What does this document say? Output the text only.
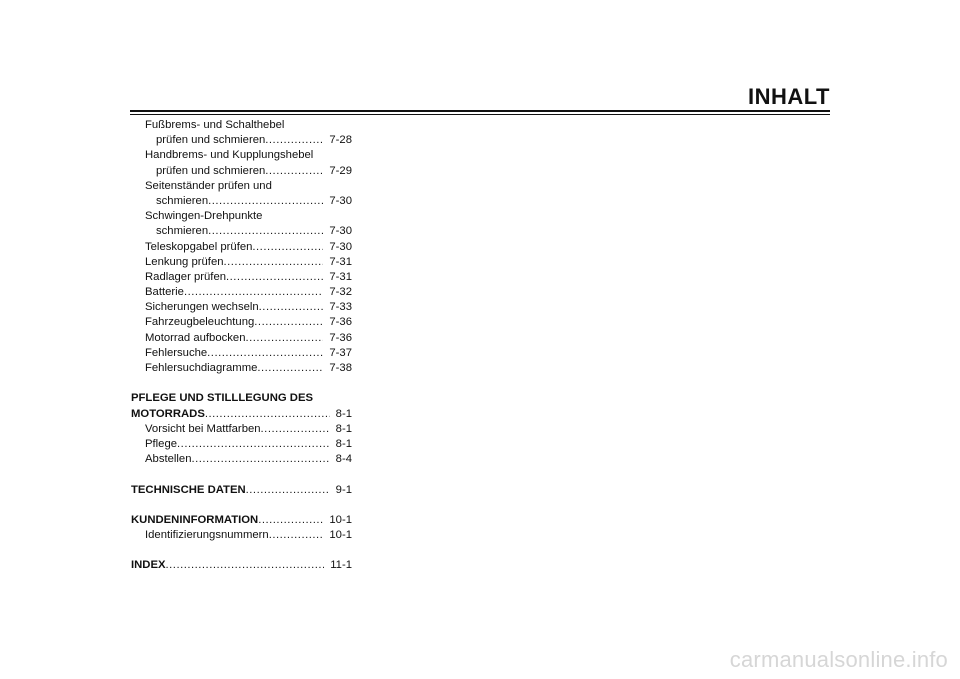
INHALT
Fußbrems- und Schalthebel
prüfen und schmieren .....	7-28
Handbrems- und Kupplungshebel
prüfen und schmieren .....	7-29
Seitenständer prüfen und
schmieren .....	7-30
Schwingen-Drehpunkte
schmieren .....	7-30
Teleskopgabel prüfen .....	7-30
Lenkung prüfen .....	7-31
Radlager prüfen .....	7-31
Batterie .....	7-32
Sicherungen wechseln .....	7-33
Fahrzeugbeleuchtung .....	7-36
Motorrad aufbocken .....	7-36
Fehlersuche .....	7-37
Fehlersuchdiagramme .....	7-38
PFLEGE UND STILLLEGUNG DES
MOTORRADS .....	8-1
Vorsicht bei Mattfarben .....	8-1
Pflege .....	8-1
Abstellen .....	8-4
TECHNISCHE DATEN .....	9-1
KUNDENINFORMATION .....	10-1
Identifizierungsnummern .....	10-1
INDEX .....	11-1
carmanualsonline.info
